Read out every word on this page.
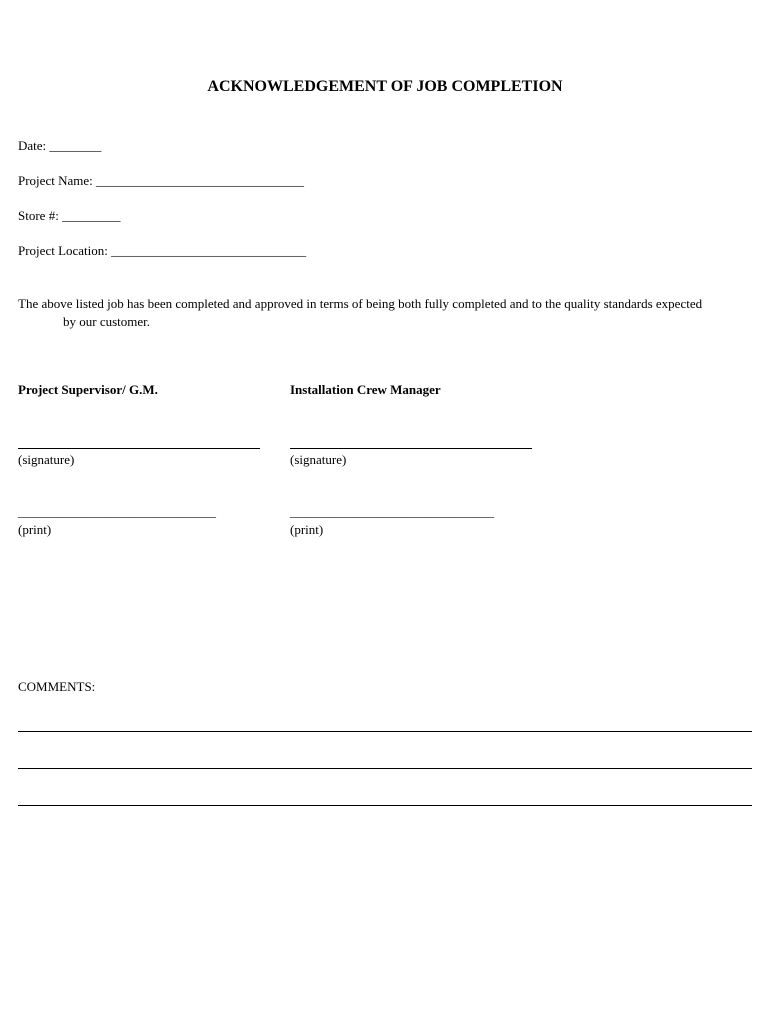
ACKNOWLEDGEMENT OF JOB COMPLETION
Date: ________
Project Name: ________________________________
Store #: _________
Project Location: ______________________________
The above listed job has been completed and approved in terms of being both fully completed and to the quality standards expected
by our customer.
Project Supervisor/ G.M.
(signature)
_________________________________
(print)
Installation Crew Manager
(signature)
__________________________________
(print)
COMMENTS:
